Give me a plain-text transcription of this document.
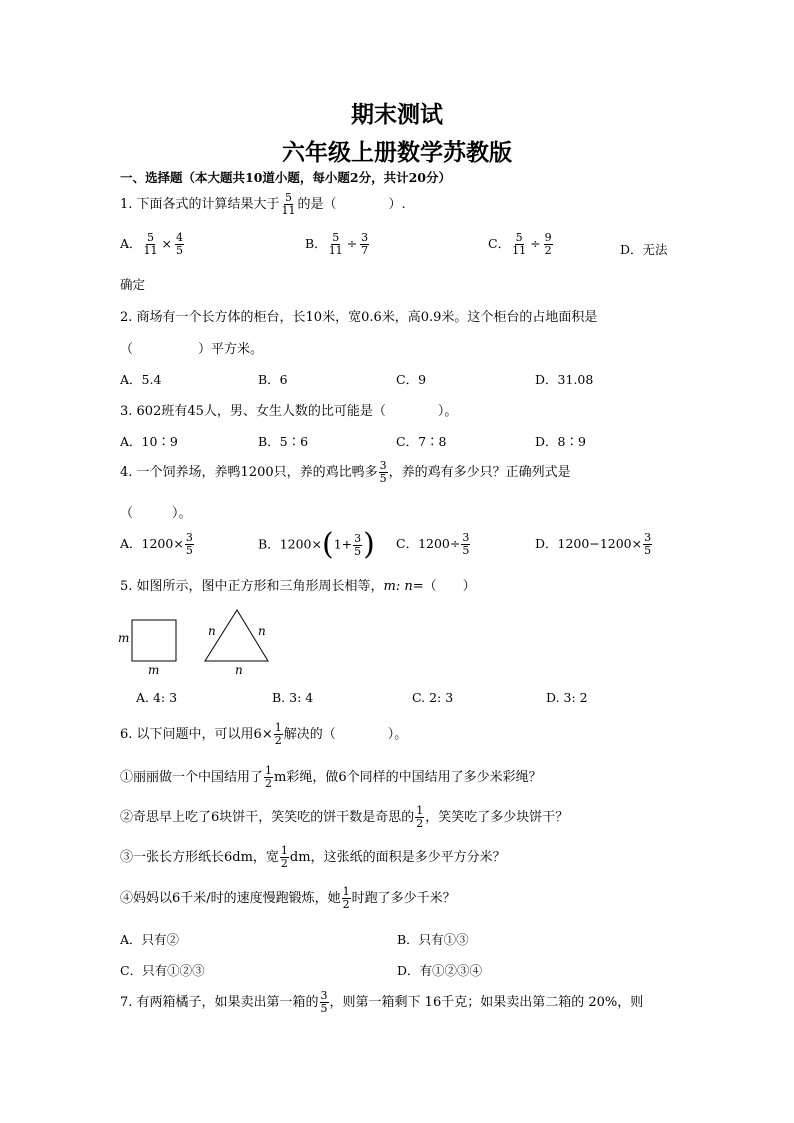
期末测试
六年级上册数学苏教版
一、选择题（本大题共10道小题，每小题2分，共计20分）
1. 下面各式的计算结果大于 $\frac{5}{11}$ 的是（　　　　）.
A． $\frac{5}{11} \times \frac{4}{5}$	B． $\frac{5}{11} \div \frac{3}{7}$	C． $\frac{5}{11} \div \frac{9}{2}$	D．无法
确定
2. 商场有一个长方体的柜台，长10米，宽0.6米，高0.9米。这个柜台的占地面积是
（　　　　　）平方米。
A．5.4	B．6	C．9	D．31.08
3. 602班有45人，男、女生人数的比可能是（　　　　）。
A．10∶9	B．5∶6	C．7∶8	D．8∶9
4. 一个饲养场，养鸭1200只，养的鸡比鸭多 $\frac{3}{5}$ ，养的鸡有多少只？正确列式是
（　　　）。
A．$1200\times \frac{3}{5}$	B．$1200\times(1+ \frac{3}{5}$ ) C．$1200\div \frac{3}{5}$	D．$1200-1200\times \frac{3}{5}$
5. 如图所示，图中正方形和三角形周长相等，m: n=（　　）
m
m
n	n
n
A. 4: 3	B. 3: 4	C. 2: 3	D. 3: 2
6. 以下问题中，可以用$6\times \frac{1}{2}$ 解决的（　　　　）。
①丽丽做一个中国结用了 $\frac{1}{2}$ m彩绳，做6个同样的中国结用了多少米彩绳？
②奇思早上吃了6块饼干，笑笑吃的饼干数是奇思的 $\frac{1}{2}$ ，笑笑吃了多少块饼干？
③一张长方形纸长6dm，宽 $\frac{1}{2}$ dm，这张纸的面积是多少平方分米？
④妈妈以6千米/时的速度慢跑锻炼，她 $\frac{1}{2}$ 时跑了多少千米？
A．只有②	B．只有①③
C．只有①②③	D．有①②③④
7. 有两箱橘子，如果卖出第一箱的 $\frac{3}{5}$ ，则第一箱剩下 16千克；如果卖出第二箱的 20%，则
